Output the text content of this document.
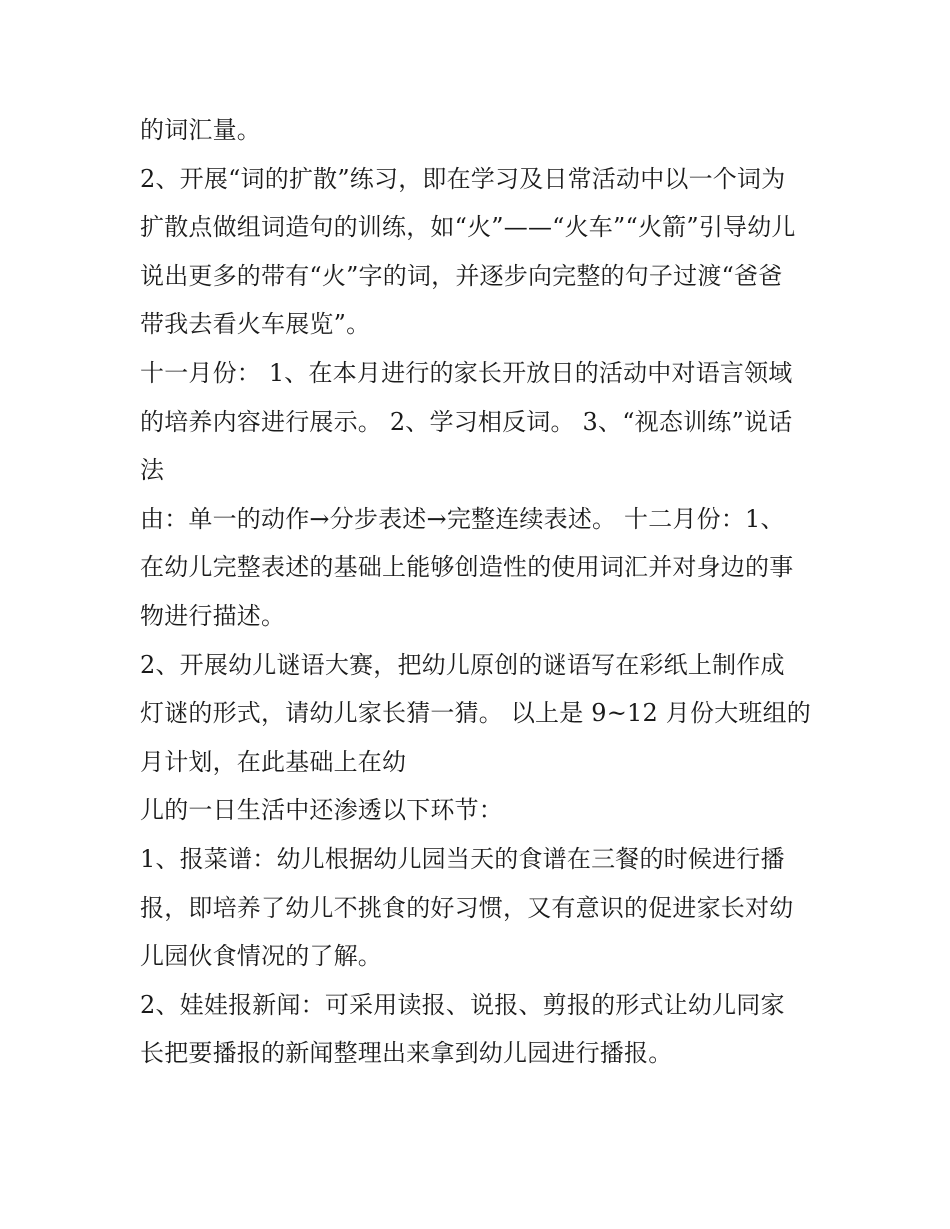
的词汇量。
2、开展“词的扩散”练习，即在学习及日常活动中以一个词为
扩散点做组词造句的训练，如“火”——“火车”“火箭”引导幼儿
说出更多的带有“火”字的词，并逐步向完整的句子过渡“爸爸
带我去看火车展览”。
十一月份： 1、在本月进行的家长开放日的活动中对语言领域
的培养内容进行展示。 2、学习相反词。 3、“视态训练”说话
法
由：单一的动作→分步表述→完整连续表述。 十二月份：1、
在幼儿完整表述的基础上能够创造性的使用词汇并对身边的事
物进行描述。
2、开展幼儿谜语大赛，把幼儿原创的谜语写在彩纸上制作成
灯谜的形式，请幼儿家长猜一猜。 以上是 9~12 月份大班组的
月计划，在此基础上在幼
儿的一日生活中还渗透以下环节：
1、报菜谱：幼儿根据幼儿园当天的食谱在三餐的时候进行播
报，即培养了幼儿不挑食的好习惯，又有意识的促进家长对幼
儿园伙食情况的了解。
2、娃娃报新闻：可采用读报、说报、剪报的形式让幼儿同家
长把要播报的新闻整理出来拿到幼儿园进行播报。
